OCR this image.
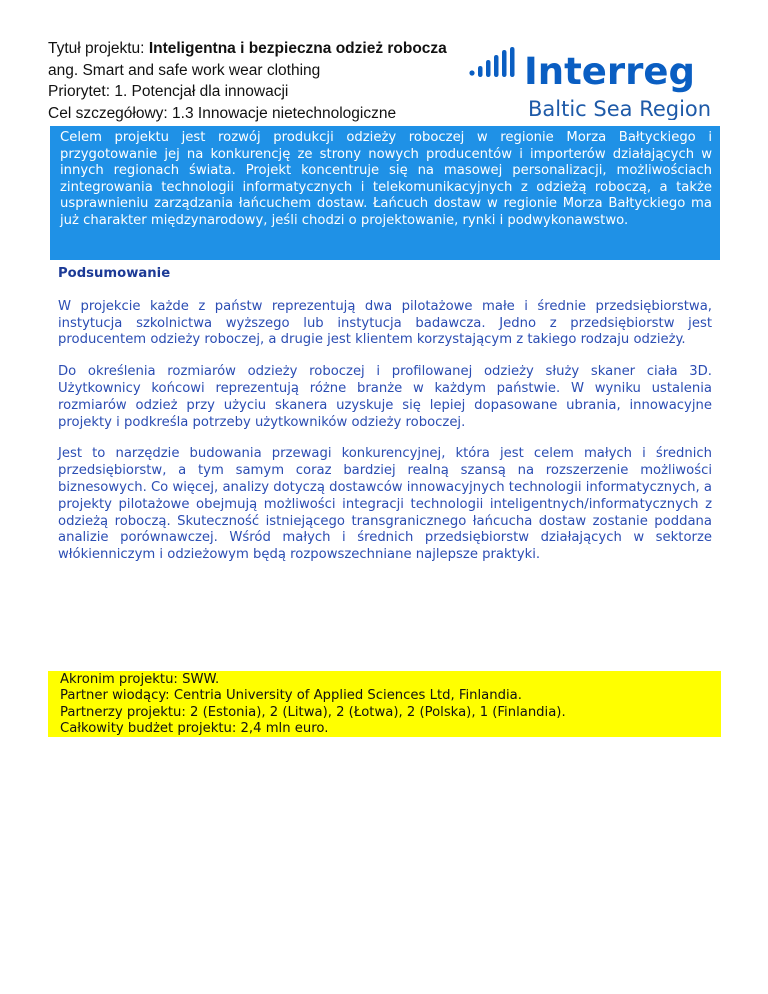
Tytuł projektu: Inteligentna i bezpieczna odzież robocza
ang. Smart and safe work wear clothing
Priorytet: 1. Potencjał dla innowacji
Cel szczegółowy: 1.3 Innowacje nietechnologiczne
Interreg
Baltic Sea Region
Celem projektu jest rozwój produkcji odzieży roboczej w regionie Morza Bałtyckiego i przygotowanie jej na konkurencję ze strony nowych producentów i importerów działających w innych regionach świata. Projekt koncentruje się na masowej personalizacji, możliwościach zintegrowania technologii informatycznych i telekomunikacyjnych z odzieżą roboczą, a także usprawnieniu zarządzania łańcuchem dostaw. Łańcuch dostaw w regionie Morza Bałtyckiego ma już charakter międzynarodowy, jeśli chodzi o projektowanie, rynki i podwykonawstwo.
Podsumowanie

W projekcie każde z państw reprezentują dwa pilotażowe małe i średnie przedsiębiorstwa, instytucja szkolnictwa wyższego lub instytucja badawcza. Jedno z przedsiębiorstw jest producentem odzieży roboczej, a drugie jest klientem korzystającym z takiego rodzaju odzieży.

Do określenia rozmiarów odzieży roboczej i profilowanej odzieży służy skaner ciała 3D. Użytkownicy końcowi reprezentują różne branże w każdym państwie. W wyniku ustalenia rozmiarów odzież przy użyciu skanera uzyskuje się lepiej dopasowane ubrania, innowacyjne projekty i podkreśla potrzeby użytkowników odzieży roboczej.

Jest to narzędzie budowania przewagi konkurencyjnej, która jest celem małych i średnich przedsiębiorstw, a tym samym coraz bardziej realną szansą na rozszerzenie możliwości biznesowych. Co więcej, analizy dotyczą dostawców innowacyjnych technologii informatycznych, a projekty pilotażowe obejmują możliwości integracji technologii inteligentnych/informatycznych z odzieżą roboczą. Skuteczność istniejącego transgranicznego łańcucha dostaw zostanie poddana analizie porównawczej. Wśród małych i średnich przedsiębiorstw działających w sektorze włókienniczym i odzieżowym będą rozpowszechniane najlepsze praktyki.

Akronim projektu: SWW.
Partner wiodący: Centria University of Applied Sciences Ltd, Finlandia.
Partnerzy projektu: 2 (Estonia), 2 (Litwa), 2 (Łotwa), 2 (Polska), 1 (Finlandia).
Całkowity budżet projektu: 2,4 mln euro.
